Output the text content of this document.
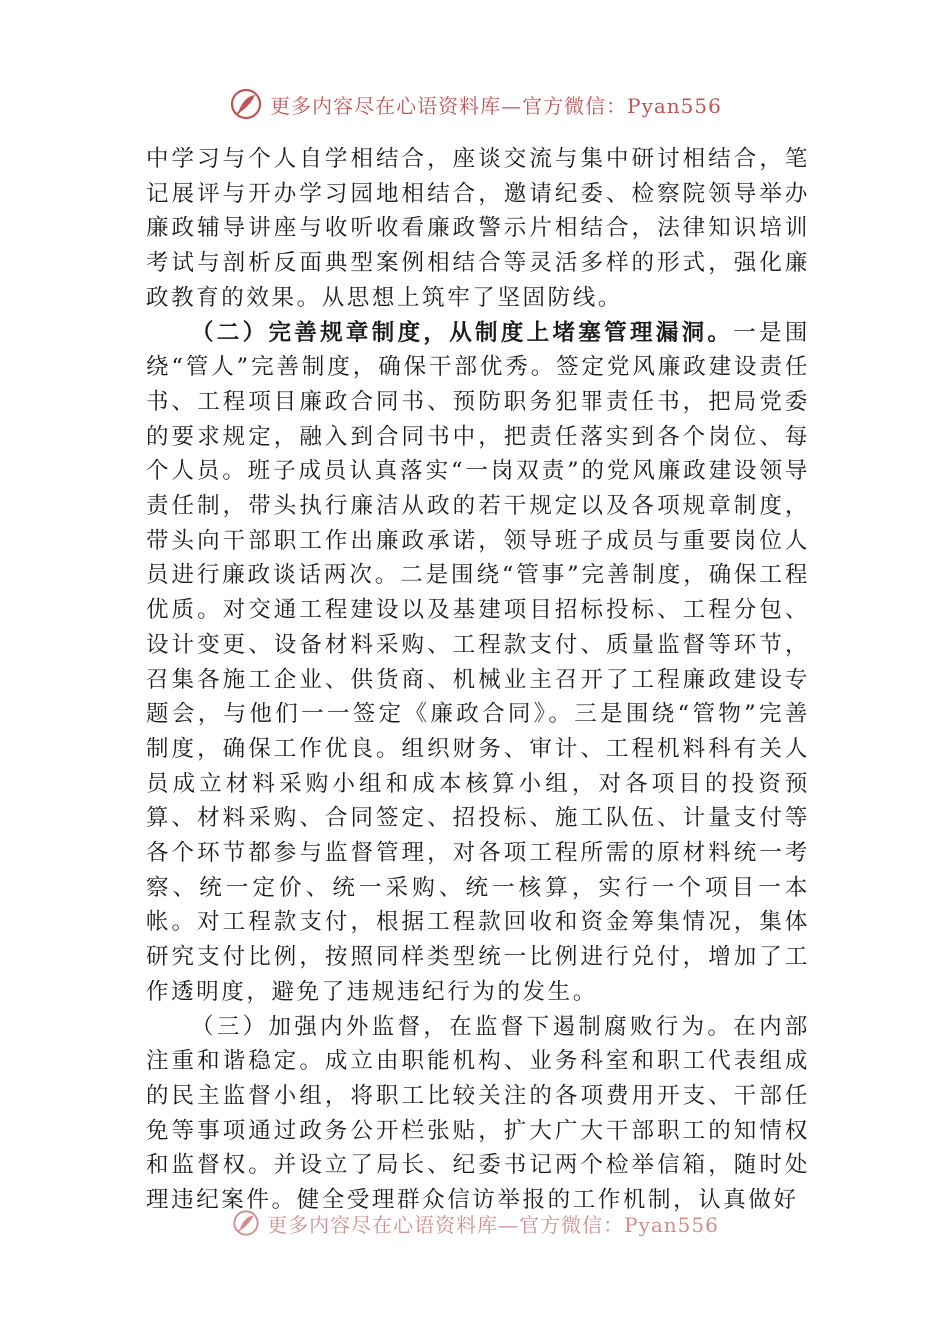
更多内容尽在心语资料库—官方微信：Pyan556

中学习与个人自学相结合，座谈交流与集中研讨相结合，笔记展评与开办学习园地相结合，邀请纪委、检察院领导举办廉政辅导讲座与收听收看廉政警示片相结合，法律知识培训考试与剖析反面典型案例相结合等灵活多样的形式，强化廉政教育的效果。从思想上筑牢了坚固防线。

（二）完善规章制度，从制度上堵塞管理漏洞。一是围绕“管人”完善制度，确保干部优秀。签定党风廉政建设责任书、工程项目廉政合同书、预防职务犯罪责任书，把局党委的要求规定，融入到合同书中，把责任落实到各个岗位、每个人员。班子成员认真落实“一岗双责”的党风廉政建设领导责任制，带头执行廉洁从政的若干规定以及各项规章制度，带头向干部职工作出廉政承诺，领导班子成员与重要岗位人员进行廉政谈话两次。二是围绕“管事”完善制度，确保工程优质。对交通工程建设以及基建项目招标投标、工程分包、设计变更、设备材料采购、工程款支付、质量监督等环节，召集各施工企业、供货商、机械业主召开了工程廉政建设专题会，与他们一一签定《廉政合同》。三是围绕“管物”完善制度，确保工作优良。组织财务、审计、工程机料科有关人员成立材料采购小组和成本核算小组，对各项目的投资预算、材料采购、合同签定、招投标、施工队伍、计量支付等各个环节都参与监督管理，对各项工程所需的原材料统一考察、统一定价、统一采购、统一核算，实行一个项目一本帐。对工程款支付，根据工程款回收和资金筹集情况，集体研究支付比例，按照同样类型统一比例进行兑付，增加了工作透明度，避免了违规违纪行为的发生。

（三）加强内外监督，在监督下遏制腐败行为。在内部注重和谐稳定。成立由职能机构、业务科室和职工代表组成的民主监督小组，将职工比较关注的各项费用开支、干部任免等事项通过政务公开栏张贴，扩大广大干部职工的知情权和监督权。并设立了局长、纪委书记两个检举信箱，随时处理违纪案件。健全受理群众信访举报的工作机制，认真做好

更多内容尽在心语资料库—官方微信：Pyan556
